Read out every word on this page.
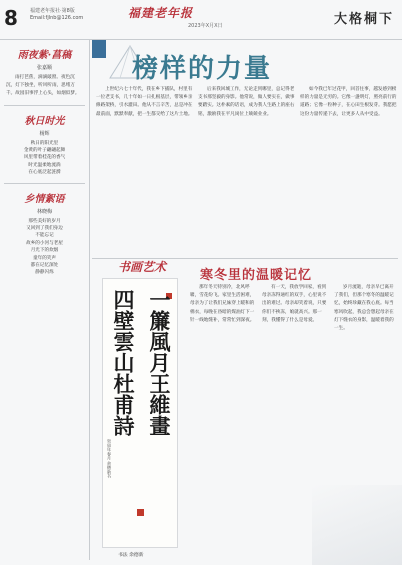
8 福建老年报社·第8版
Email:fjlnb@126.com	福建老年报
2023年X月X日	大格桐下
雨夜紫·菖稿
张嘉顺
雨打芭蕉，滴滴敲窗。夜色沉沉，灯下独坐，听风听雨，思绪万千。故园旧事浮上心头，如烟似梦。
秋日时光
杨辉
秋日的阳光里
金黄的叶子翩翩起舞
风里带着桂花的香气
时光温柔地流淌
在心底泛起涟漪
乡情絮语
林晓梅
那些美好的岁月
又回到了我们身边
不能忘记
故乡的小河与老屋
月光下的炊烟
童年的笑声
都在记忆深处
静静闪烁
榜样的力量
上世纪六七十年代，我在乡下插队，村里有一位老支书，几十年如一日扎根基层，带领乡亲修路架桥，引水灌田。他从不言辛苦，总是冲在最前面，默默奉献，把一生都交给了这片土地。
后来我回城工作，无论走到哪里，总记得老支书那坚毅的身影。他常说，做人要实在，做事要踏实。这朴素的话语，成为我人生路上的座右铭，激励我在平凡岗位上兢兢业业。
如今我已年过花甲，回首往事，越发感到榜样的力量是无穷的。它像一盏明灯，照亮前行的道路；它像一粒种子，在心田生根发芽。我愿把这份力量传递下去，让更多人从中受益。
书画艺术
一簾風月王維畫
四壁雲山杜甫詩
癸卯年春月 余德新书
书法 余德新
寒冬里的温暖记忆
那年冬天特别冷，北风呼啸，雪花纷飞。家里生活困难，母亲为了让我们兄妹穿上暖和的棉衣，每晚在昏暗的煤油灯下一针一线地缝补，常常忙到深夜。
有一天，我放学回家，看到母亲冻得通红的双手，心里说不出的难过。母亲却笑着说，只要你们不挨冻，娘就高兴。那一刻，我懂得了什么是母爱。
岁月流逝，母亲早已离开了我们，但那个寒冬的温暖记忆，始终珍藏在我心底。每当寒风吹起，我总会想起母亲在灯下缝衣的身影，温暖着我的一生。
